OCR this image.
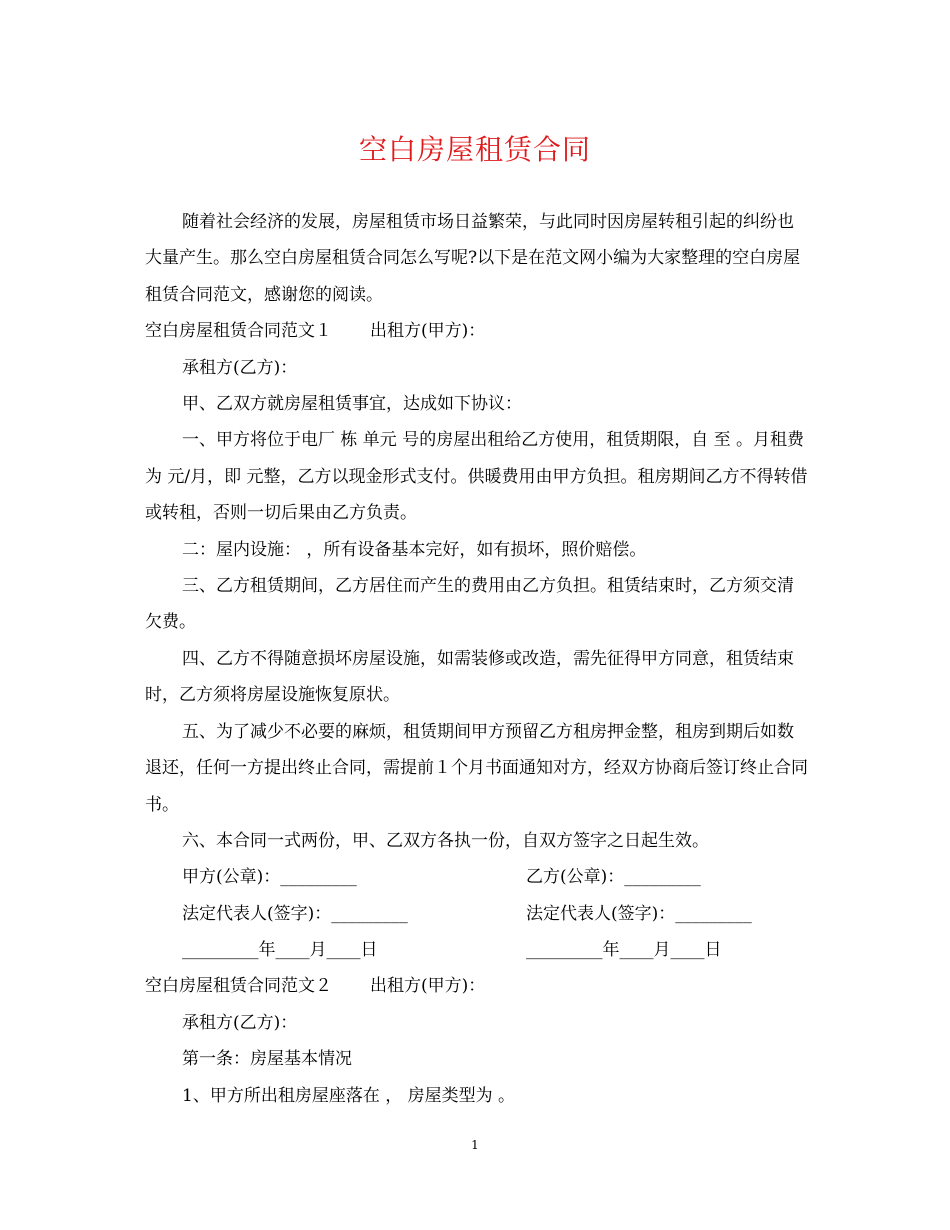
空白房屋租赁合同

随着社会经济的发展，房屋租赁市场日益繁荣，与此同时因房屋转租引起的纠纷也大量产生。那么空白房屋租赁合同怎么写呢?以下是在范文网小编为大家整理的空白房屋租赁合同范文，感谢您的阅读。

空白房屋租赁合同范文１ 出租方(甲方)：

承租方(乙方)：

甲、乙双方就房屋租赁事宜，达成如下协议：

一、甲方将位于电厂 栋 单元 号的房屋出租给乙方使用，租赁期限，自 至 。月租费为 元/月，即 元整，乙方以现金形式支付。供暖费用由甲方负担。租房期间乙方不得转借或转租，否则一切后果由乙方负责。

二：屋内设施： ，所有设备基本完好，如有损坏，照价赔偿。

三、乙方租赁期间，乙方居住而产生的费用由乙方负担。租赁结束时，乙方须交清欠费。

四、乙方不得随意损坏房屋设施，如需装修或改造，需先征得甲方同意，租赁结束时，乙方须将房屋设施恢复原状。

五、为了减少不必要的麻烦，租赁期间甲方预留乙方租房押金整，租房到期后如数退还，任何一方提出终止合同，需提前１个月书面通知对方，经双方协商后签订终止合同书。

六、本合同一式两份，甲、乙双方各执一份，自双方签字之日起生效。

甲方(公章)：_________	乙方(公章)：_________
法定代表人(签字)：_________	法定代表人(签字)：_________
_________年____月____日	_________年____月____日

空白房屋租赁合同范文２ 出租方(甲方)：

承租方(乙方)：

第一条：房屋基本情况

1、甲方所出租房屋座落在 ， 房屋类型为 。

1
